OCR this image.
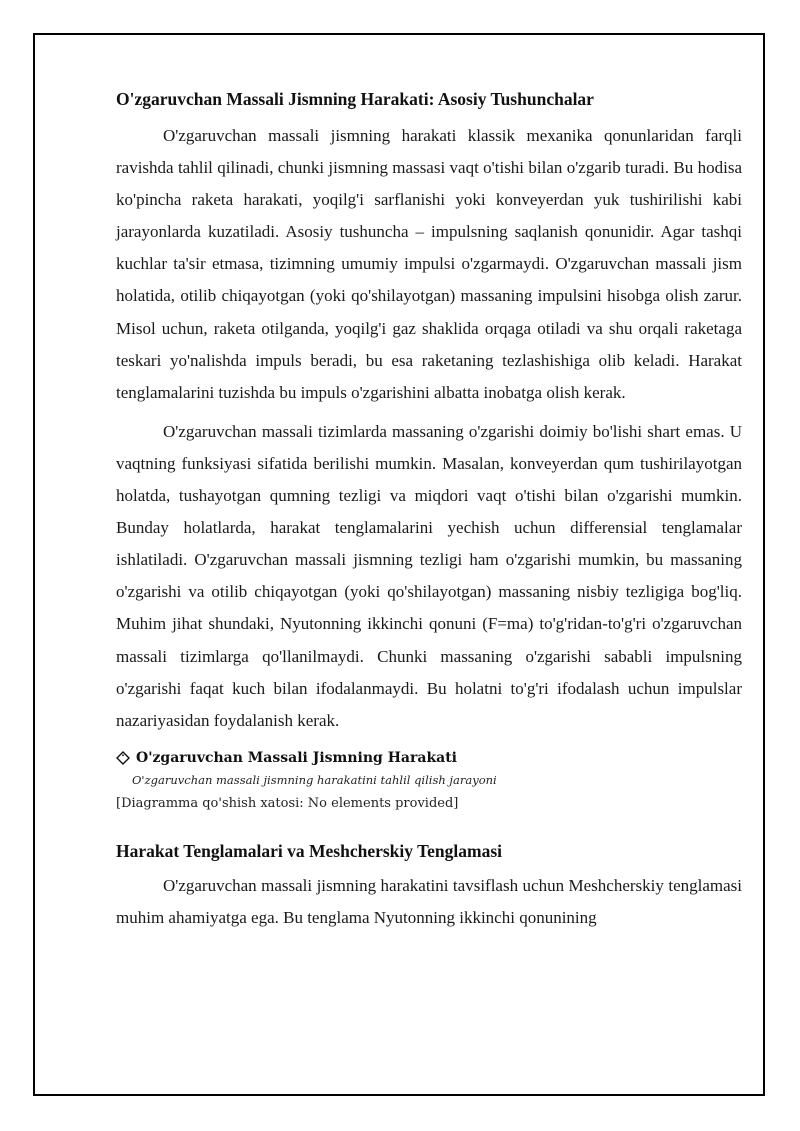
O'zgaruvchan Massali Jismning Harakati: Asosiy Tushunchalar

O'zgaruvchan massali jismning harakati klassik mexanika qonunlaridan farqli ravishda tahlil qilinadi, chunki jismning massasi vaqt o'tishi bilan o'zgarib turadi. Bu hodisa ko'pincha raketa harakati, yoqilg'i sarflanishi yoki konveyerdan yuk tushirilishi kabi jarayonlarda kuzatiladi. Asosiy tushuncha – impulsning saqlanish qonunidir. Agar tashqi kuchlar ta'sir etmasa, tizimning umumiy impulsi o'zgarmaydi. O'zgaruvchan massali jism holatida, otilib chiqayotgan (yoki qo'shilayotgan) massaning impulsini hisobga olish zarur. Misol uchun, raketa otilganda, yoqilg'i gaz shaklida orqaga otiladi va shu orqali raketaga teskari yo'nalishda impuls beradi, bu esa raketaning tezlashishiga olib keladi. Harakat tenglamalarini tuzishda bu impuls o'zgarishini albatta inobatga olish kerak.

O'zgaruvchan massali tizimlarda massaning o'zgarishi doimiy bo'lishi shart emas. U vaqtning funksiyasi sifatida berilishi mumkin. Masalan, konveyerdan qum tushirilayotgan holatda, tushayotgan qumning tezligi va miqdori vaqt o'tishi bilan o'zgarishi mumkin. Bunday holatlarda, harakat tenglamalarini yechish uchun differensial tenglamalar ishlatiladi. O'zgaruvchan massali jismning tezligi ham o'zgarishi mumkin, bu massaning o'zgarishi va otilib chiqayotgan (yoki qo'shilayotgan) massaning nisbiy tezligiga bog'liq. Muhim jihat shundaki, Nyutonning ikkinchi qonuni (F=ma) to'g'ridan-to'g'ri o'zgaruvchan massali tizimlarga qo'llanilmaydi. Chunki massaning o'zgarishi sababli impulsning o'zgarishi faqat kuch bilan ifodalanmaydi. Bu holatni to'g'ri ifodalash uchun impulslar nazariyasidan foydalanish kerak.

O'zgaruvchan Massali Jismning Harakati
O'zgaruvchan massali jismning harakatini tahlil qilish jarayoni
[Diagramma qo'shish xatosi: No elements provided]
Harakat Tenglamalari va Meshcherskiy Tenglamasi

O'zgaruvchan massali jismning harakatini tavsiflash uchun Meshcherskiy tenglamasi muhim ahamiyatga ega. Bu tenglama Nyutonning ikkinchi qonunining
